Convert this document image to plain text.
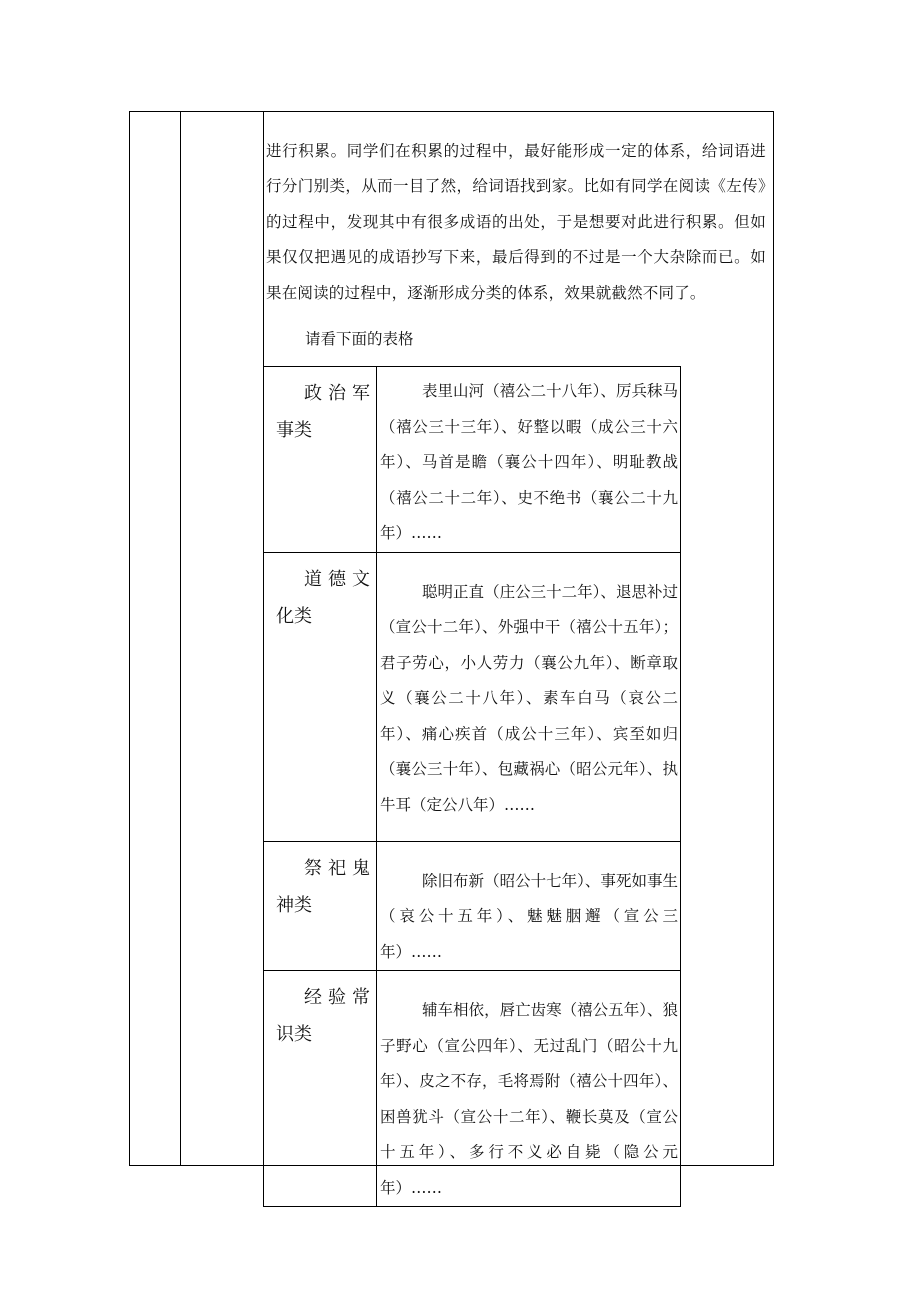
进行积累。同学们在积累的过程中，最好能形成一定的体系，给词语进行分门别类，从而一目了然，给词语找到家。比如有同学在阅读《左传》的过程中，发现其中有很多成语的出处，于是想要对此进行积累。但如果仅仅把遇见的成语抄写下来，最后得到的不过是一个大杂除而已。如果在阅读的过程中，逐渐形成分类的体系，效果就截然不同了。

请看下面的表格
政治军
事类	表里山河（禧公二十八年）、厉兵秣马（禧公三十三年）、好整以暇（成公三十六年）、马首是瞻（襄公十四年）、明耻教战（禧公二十二年）、史不绝书（襄公二十九年）……

道德文
化类	聪明正直（庄公三十二年）、退思补过（宣公十二年）、外强中干（禧公十五年）；君子劳心，小人劳力（襄公九年）、断章取义（襄公二十八年）、素车白马（哀公二年）、痛心疾首（成公十三年）、宾至如归（襄公三十年）、包藏祸心（昭公元年）、执牛耳（定公八年）……

祭祀鬼
神类	除旧布新（昭公十七年）、事死如事生（哀公十五年）、魅魅胭邂（宣公三年）……

经验常
识类	辅车相依，唇亡齿寒（禧公五年）、狼子野心（宣公四年）、无过乱门（昭公十九年）、皮之不存，毛将焉附（禧公十四年）、困兽犹斗（宣公十二年）、鞭长莫及（宣公十五年）、多行不义必自毙（隐公元年）……
